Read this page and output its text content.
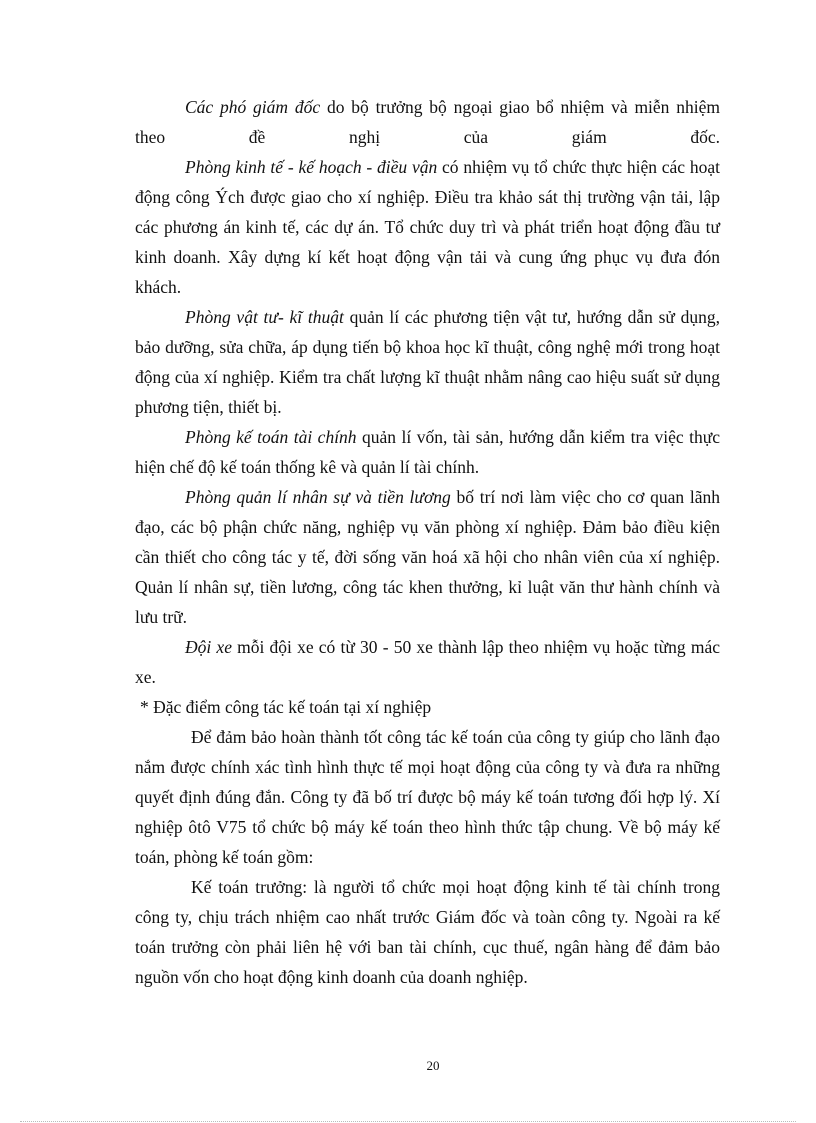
Các phó giám đốc do bộ trưởng bộ ngoại giao bổ nhiệm và miễn nhiệm theo đề nghị của giám đốc.

Phòng kinh tế - kế hoạch - điều vận có nhiệm vụ tổ chức thực hiện các hoạt động công Ých được giao cho xí nghiệp. Điều tra khảo sát thị trường vận tải, lập các phương án kinh tế, các dự án. Tổ chức duy trì và phát triển hoạt động đầu tư kinh doanh. Xây dựng kí kết hoạt động vận tải và cung ứng phục vụ đưa đón khách.

Phòng vật tư- kĩ thuật quản lí các phương tiện vật tư, hướng dẫn sử dụng, bảo dưỡng, sửa chữa, áp dụng tiến bộ khoa học kĩ thuật, công nghệ mới trong hoạt động của xí nghiệp. Kiểm tra chất lượng kĩ thuật nhằm nâng cao hiệu suất sử dụng phương tiện, thiết bị.

Phòng kế toán tài chính quản lí vốn, tài sản, hướng dẫn kiểm tra việc thực hiện chế độ kế toán thống kê và quản lí tài chính.

Phòng quản lí nhân sự và tiền lương bố trí nơi làm việc cho cơ quan lãnh đạo, các bộ phận chức năng, nghiệp vụ văn phòng xí nghiệp. Đảm bảo điều kiện cần thiết cho công tác y tế, đời sống văn hoá xã hội cho nhân viên của xí nghiệp. Quản lí nhân sự, tiền lương, công tác khen thưởng, kỉ luật văn thư hành chính và lưu trữ.

Đội xe mỗi đội xe có từ 30 - 50 xe thành lập theo nhiệm vụ hoặc từng mác xe.

* Đặc điểm công tác kế toán tại xí nghiệp

Để đảm bảo hoàn thành tốt công tác kế toán của công ty giúp cho lãnh đạo nắm được chính xác tình hình thực tế mọi hoạt động của công ty và đưa ra những quyết định đúng đắn. Công ty đã bố trí được bộ máy kế toán tương đối hợp lý. Xí nghiệp ôtô V75 tổ chức bộ máy kế toán theo hình thức tập chung. Về bộ máy kế toán, phòng kế toán gồm:

Kế toán trưởng: là người tổ chức mọi hoạt động kinh tế tài chính trong công ty, chịu trách nhiệm cao nhất trước Giám đốc và toàn công ty. Ngoài ra kế toán trưởng còn phải liên hệ với ban tài chính, cục thuế, ngân hàng để đảm bảo nguồn vốn cho hoạt động kinh doanh của doanh nghiệp.

20
